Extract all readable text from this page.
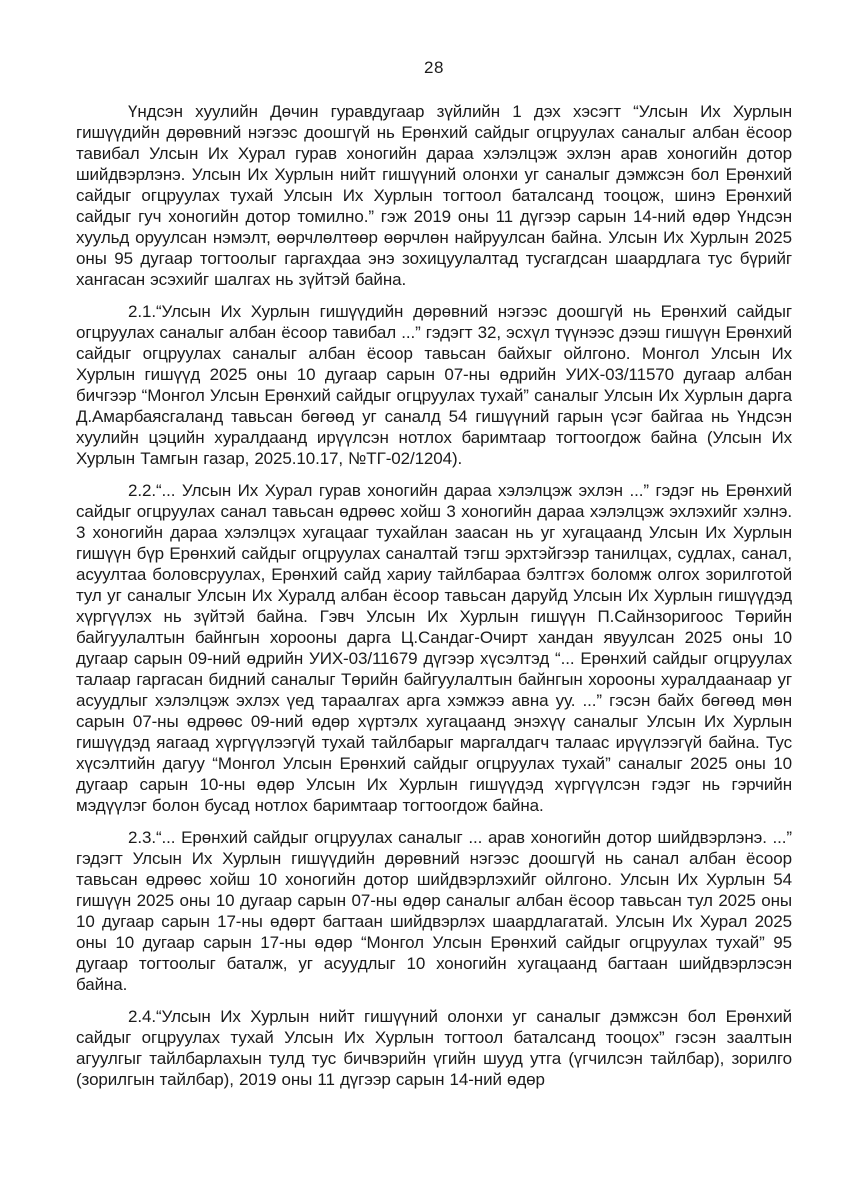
28

Үндсэн хуулийн Дөчин гуравдугаар зүйлийн 1 дэх хэсэгт “Улсын Их Хурлын гишүүдийн дөрөвний нэгээс доошгүй нь Ерөнхий сайдыг огцруулах саналыг албан ёсоор тавибал Улсын Их Хурал гурав хоногийн дараа хэлэлцэж эхлэн арав хоногийн дотор шийдвэрлэнэ. Улсын Их Хурлын нийт гишүүний олонхи уг саналыг дэмжсэн бол Ерөнхий сайдыг огцруулах тухай Улсын Их Хурлын тогтоол баталсанд тооцож, шинэ Ерөнхий сайдыг гуч хоногийн дотор томилно.” гэж 2019 оны 11 дүгээр сарын 14-ний өдөр Үндсэн хуульд оруулсан нэмэлт, өөрчлөлтөөр өөрчлөн найруулсан байна. Улсын Их Хурлын 2025 оны 95 дугаар тогтоолыг гаргахдаа энэ зохицуулалтад тусгагдсан шаардлага тус бүрийг хангасан эсэхийг шалгах нь зүйтэй байна.

2.1.“Улсын Их Хурлын гишүүдийн дөрөвний нэгээс доошгүй нь Ерөнхий сайдыг огцруулах саналыг албан ёсоор тавибал ...” гэдэгт 32, эсхүл түүнээс дээш гишүүн Ерөнхий сайдыг огцруулах саналыг албан ёсоор тавьсан байхыг ойлгоно. Монгол Улсын Их Хурлын гишүүд 2025 оны 10 дугаар сарын 07-ны өдрийн УИХ-03/11570 дугаар албан бичгээр “Монгол Улсын Ерөнхий сайдыг огцруулах тухай” саналыг Улсын Их Хурлын дарга Д.Амарбаясгаланд тавьсан бөгөөд уг саналд 54 гишүүний гарын үсэг байгаа нь Үндсэн хуулийн цэцийн хуралдаанд ирүүлсэн нотлох баримтаар тогтоогдож байна (Улсын Их Хурлын Тамгын газар, 2025.10.17, №ТГ-02/1204).

2.2.“... Улсын Их Хурал гурав хоногийн дараа хэлэлцэж эхлэн ...” гэдэг нь Ерөнхий сайдыг огцруулах санал тавьсан өдрөөс хойш 3 хоногийн дараа хэлэлцэж эхлэхийг хэлнэ. 3 хоногийн дараа хэлэлцэх хугацааг тухайлан заасан нь уг хугацаанд Улсын Их Хурлын гишүүн бүр Ерөнхий сайдыг огцруулах саналтай тэгш эрхтэйгээр танилцах, судлах, санал, асуултаа боловсруулах, Ерөнхий сайд хариу тайлбараа бэлтгэх боломж олгох зорилготой тул уг саналыг Улсын Их Хуралд албан ёсоор тавьсан даруйд Улсын Их Хурлын гишүүдэд хүргүүлэх нь зүйтэй байна. Гэвч Улсын Их Хурлын гишүүн П.Сайнзоригоос Төрийн байгуулалтын байнгын хорооны дарга Ц.Сандаг-Очирт хандан явуулсан 2025 оны 10 дугаар сарын 09-ний өдрийн УИХ-03/11679 дүгээр хүсэлтэд “... Ерөнхий сайдыг огцруулах талаар гаргасан бидний саналыг Төрийн байгуулалтын байнгын хорооны хуралдаанаар уг асуудлыг хэлэлцэж эхлэх үед тараалгах арга хэмжээ авна уу. ...” гэсэн байх бөгөөд мөн сарын 07-ны өдрөөс 09-ний өдөр хүртэлх хугацаанд энэхүү саналыг Улсын Их Хурлын гишүүдэд яагаад хүргүүлээгүй тухай тайлбарыг маргалдагч талаас ирүүлээгүй байна. Тус хүсэлтийн дагуу “Монгол Улсын Ерөнхий сайдыг огцруулах тухай” саналыг 2025 оны 10 дугаар сарын 10-ны өдөр Улсын Их Хурлын гишүүдэд хүргүүлсэн гэдэг нь гэрчийн мэдүүлэг болон бусад нотлох баримтаар тогтоогдож байна.

2.3.“... Ерөнхий сайдыг огцруулах саналыг ... арав хоногийн дотор шийдвэрлэнэ. ...” гэдэгт Улсын Их Хурлын гишүүдийн дөрөвний нэгээс доошгүй нь санал албан ёсоор тавьсан өдрөөс хойш 10 хоногийн дотор шийдвэрлэхийг ойлгоно. Улсын Их Хурлын 54 гишүүн 2025 оны 10 дугаар сарын 07-ны өдөр саналыг албан ёсоор тавьсан тул 2025 оны 10 дугаар сарын 17-ны өдөрт багтаан шийдвэрлэх шаардлагатай. Улсын Их Хурал 2025 оны 10 дугаар сарын 17-ны өдөр “Монгол Улсын Ерөнхий сайдыг огцруулах тухай” 95 дугаар тогтоолыг баталж, уг асуудлыг 10 хоногийн хугацаанд багтаан шийдвэрлэсэн байна.

2.4.“Улсын Их Хурлын нийт гишүүний олонхи уг саналыг дэмжсэн бол Ерөнхий сайдыг огцруулах тухай Улсын Их Хурлын тогтоол баталсанд тооцох” гэсэн заалтын агуулгыг тайлбарлахын тулд тус бичвэрийн үгийн шууд утга (үгчилсэн тайлбар), зорилго (зорилгын тайлбар), 2019 оны 11 дүгээр сарын 14-ний өдөр
